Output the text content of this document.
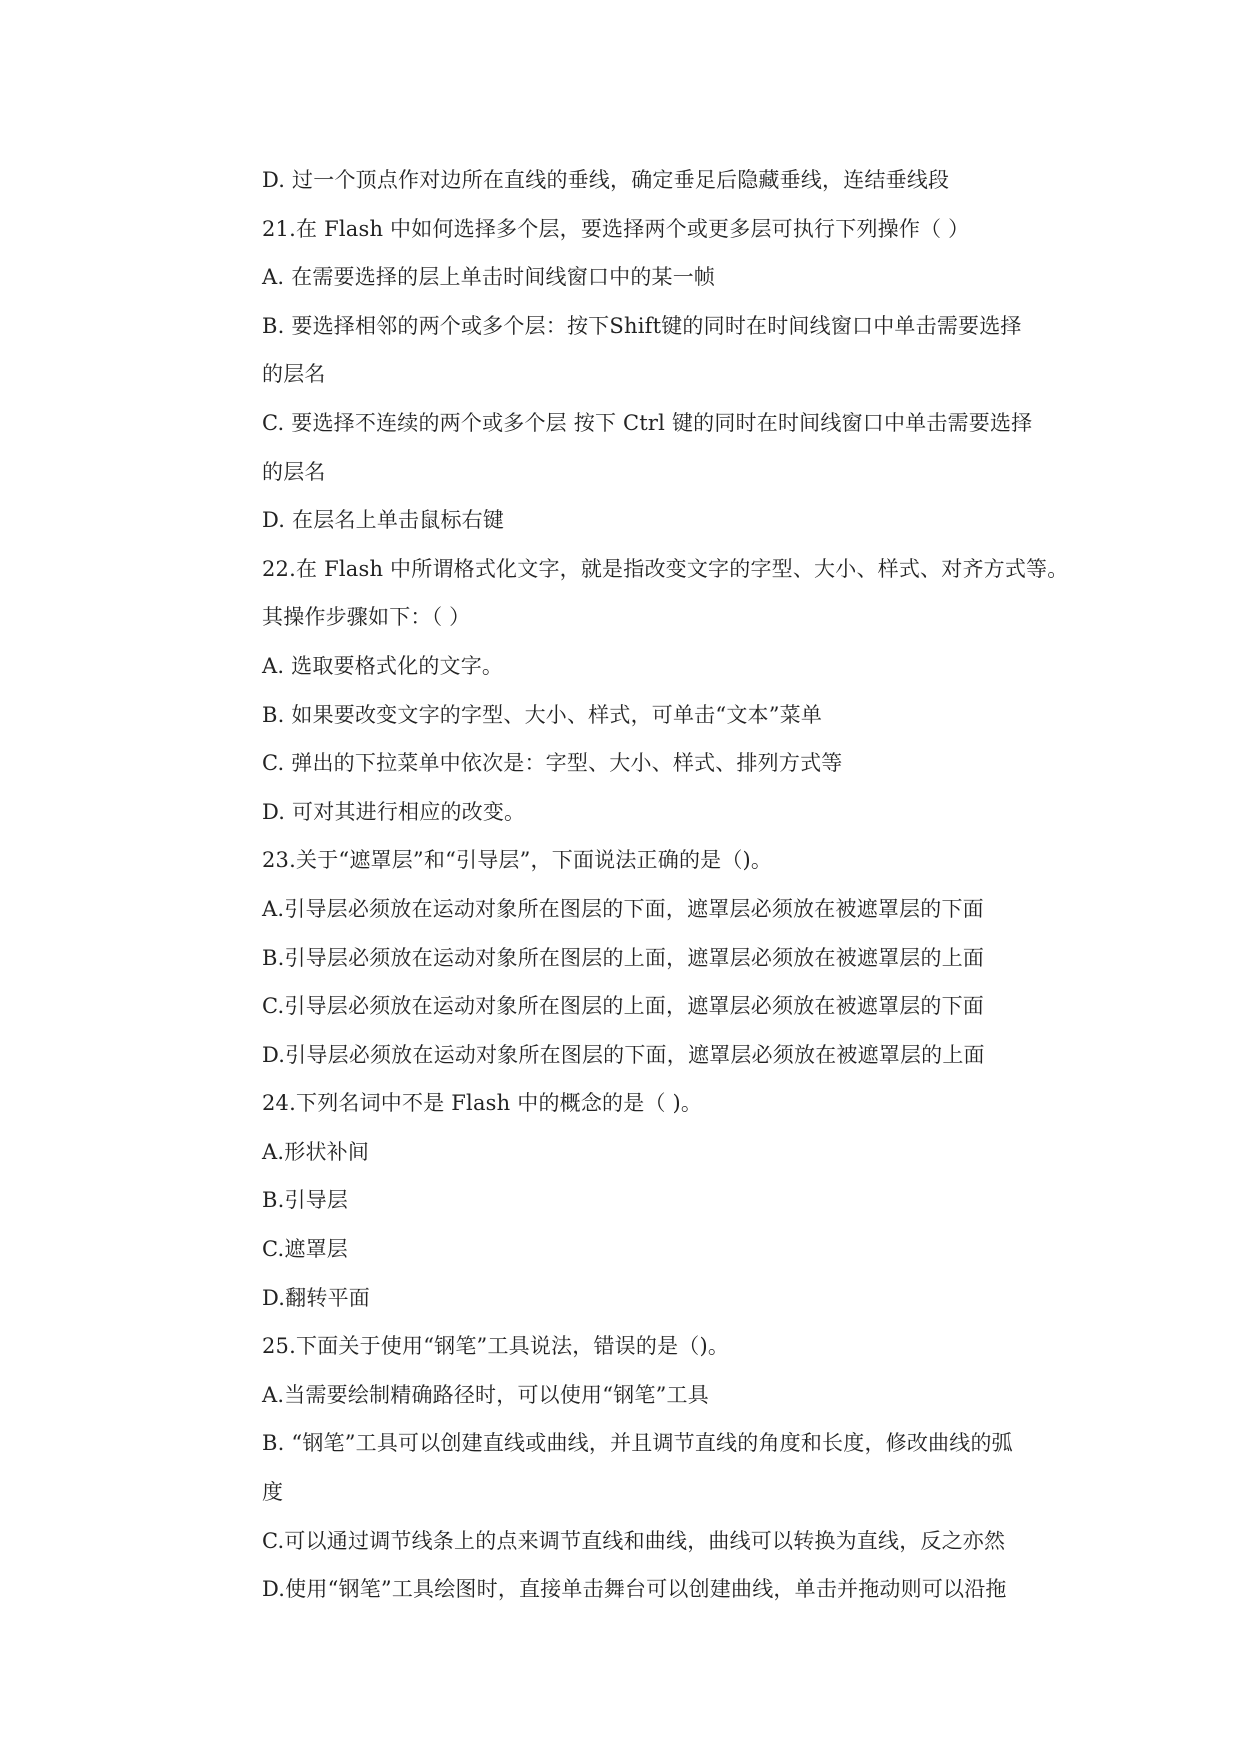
D. 过一个顶点作对边所在直线的垂线，确定垂足后隐藏垂线，连结垂线段
21.在 Flash 中如何选择多个层，要选择两个或更多层可执行下列操作（ ）
A. 在需要选择的层上单击时间线窗口中的某一帧
B. 要选择相邻的两个或多个层：按下Shift键的同时在时间线窗口中单击需要选择
的层名
C. 要选择不连续的两个或多个层 按下 Ctrl 键的同时在时间线窗口中单击需要选择
的层名
D. 在层名上单击鼠标右键
22.在 Flash 中所谓格式化文字，就是指改变文字的字型、大小、样式、对齐方式等。
其操作步骤如下：（ ）
A. 选取要格式化的文字。
B. 如果要改变文字的字型、大小、样式，可单击“文本”菜单
C. 弹出的下拉菜单中依次是：字型、大小、样式、排列方式等
D. 可对其进行相应的改变。
23.关于“遮罩层”和“引导层”，下面说法正确的是（)。
A.引导层必须放在运动对象所在图层的下面，遮罩层必须放在被遮罩层的下面
B.引导层必须放在运动对象所在图层的上面，遮罩层必须放在被遮罩层的上面
C.引导层必须放在运动对象所在图层的上面，遮罩层必须放在被遮罩层的下面
D.引导层必须放在运动对象所在图层的下面，遮罩层必须放在被遮罩层的上面
24.下列名词中不是 Flash 中的概念的是（ )。
A.形状补间
B.引导层
C.遮罩层
D.翻转平面
25.下面关于使用“钢笔”工具说法，错误的是（)。
A.当需要绘制精确路径时，可以使用“钢笔”工具
B. “钢笔”工具可以创建直线或曲线，并且调节直线的角度和长度，修改曲线的弧
度
C.可以通过调节线条上的点来调节直线和曲线，曲线可以转换为直线，反之亦然
D.使用“钢笔”工具绘图时，直接单击舞台可以创建曲线，单击并拖动则可以沿拖
